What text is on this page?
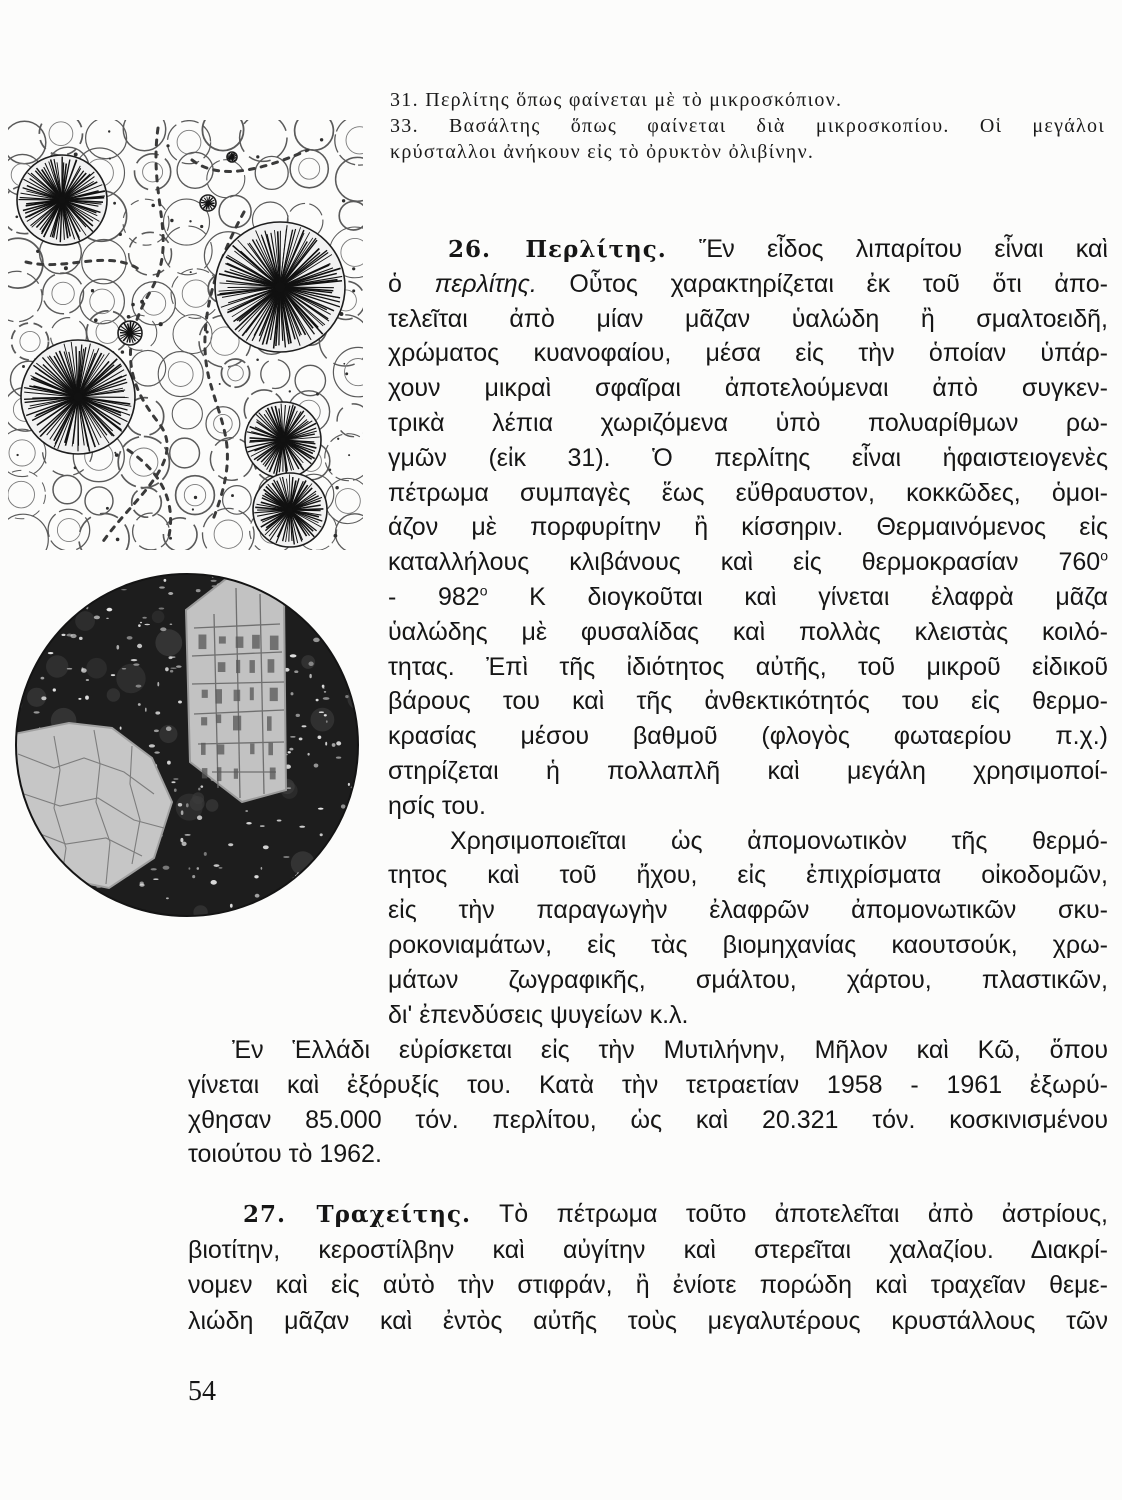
31. Περλίτης ὅπως φαίνεται μὲ τὸ μικροσκόπιον.
33. Βασάλτης ὅπως φαίνεται διὰ μικροσκοπίου. Οἱ μεγάλοι
κρύσταλλοι ἀνήκουν εἰς τὸ ὀρυκτὸν ὀλιβίνην.
26. Περλίτης. Ἕν εἶδος λιπαρίτου εἶναι καὶ
ὁ περλίτης. Οὗτος χαρακτηρίζεται ἐκ τοῦ ὅτι ἀπο-
τελεῖται ἀπὸ μίαν μᾶζαν ὑαλώδη ἢ σμαλτοειδῆ,
χρώματος κυανοφαίου, μέσα εἰς τὴν ὁποίαν ὑπάρ-
χουν μικραὶ σφαῖραι ἀποτελούμεναι ἀπὸ συγκεν-
τρικὰ λέπια χωριζόμενα ὑπὸ πολυαρίθμων ρω-
γμῶν (εἰκ 31). Ὁ περλίτης εἶναι ἡφαιστειογενὲς
πέτρωμα συμπαγὲς ἕως εὔθραυστον, κοκκῶδες, ὁμοι-
άζον μὲ πορφυρίτην ἢ κίσσηριν. Θερμαινόμενος εἰς
καταλλήλους κλιβάνους καὶ εἰς θερμοκρασίαν 760$^o$
- 982$^o$ Κ διογκοῦται καὶ γίνεται ἐλαφρὰ μᾶζα
ὑαλώδης μὲ φυσαλίδας καὶ πολλὰς κλειστὰς κοιλό-
τητας. Ἐπὶ τῆς ἰδιότητος αὐτῆς, τοῦ μικροῦ εἰδικοῦ
βάρους του καὶ τῆς ἀνθεκτικότητός του εἰς θερμο-
κρασίας μέσου βαθμοῦ (φλογὸς φωταερίου π.χ.)
στηρίζεται ἡ πολλαπλῆ καὶ μεγάλη χρησιμοποί-
ησίς του.
Χρησιμοποιεῖται ὡς ἀπομονωτικὸν τῆς θερμό-
τητος καὶ τοῦ ἤχου, εἰς ἐπιχρίσματα οἰκοδομῶν,
εἰς τὴν παραγωγὴν ἐλαφρῶν ἀπομονωτικῶν σκυ-
ροκονιαμάτων, εἰς τὰς βιομηχανίας καουτσούκ, χρω-
μάτων ζωγραφικῆς, σμάλτου, χάρτου, πλαστικῶν,
δι' ἐπενδύσεις ψυγείων κ.λ.
Ἐν Ἑλλάδι εὑρίσκεται εἰς τὴν Μυτιλήνην, Μῆλον καὶ Κῶ, ὅπου
γίνεται καὶ ἐξόρυξίς του. Κατὰ τὴν τετραετίαν 1958 - 1961 ἐξωρύ-
χθησαν 85.000 τόν. περλίτου, ὡς καὶ 20.321 τόν. κοσκινισμένου
τοιούτου τὸ 1962.
27. Τραχείτης. Τὸ πέτρωμα τοῦτο ἀποτελεῖται ἀπὸ ἀστρίους,
βιοτίτην, κεροστίλβην καὶ αὐγίτην καὶ στερεῖται χαλαζίου. Διακρί-
νομεν καὶ εἰς αὐτὸ τὴν στιφράν, ἢ ἐνίοτε πορώδη καὶ τραχεῖαν θεμε-
λιώδη μᾶζαν καὶ ἐντὸς αὐτῆς τοὺς μεγαλυτέρους κρυστάλλους τῶν
54
